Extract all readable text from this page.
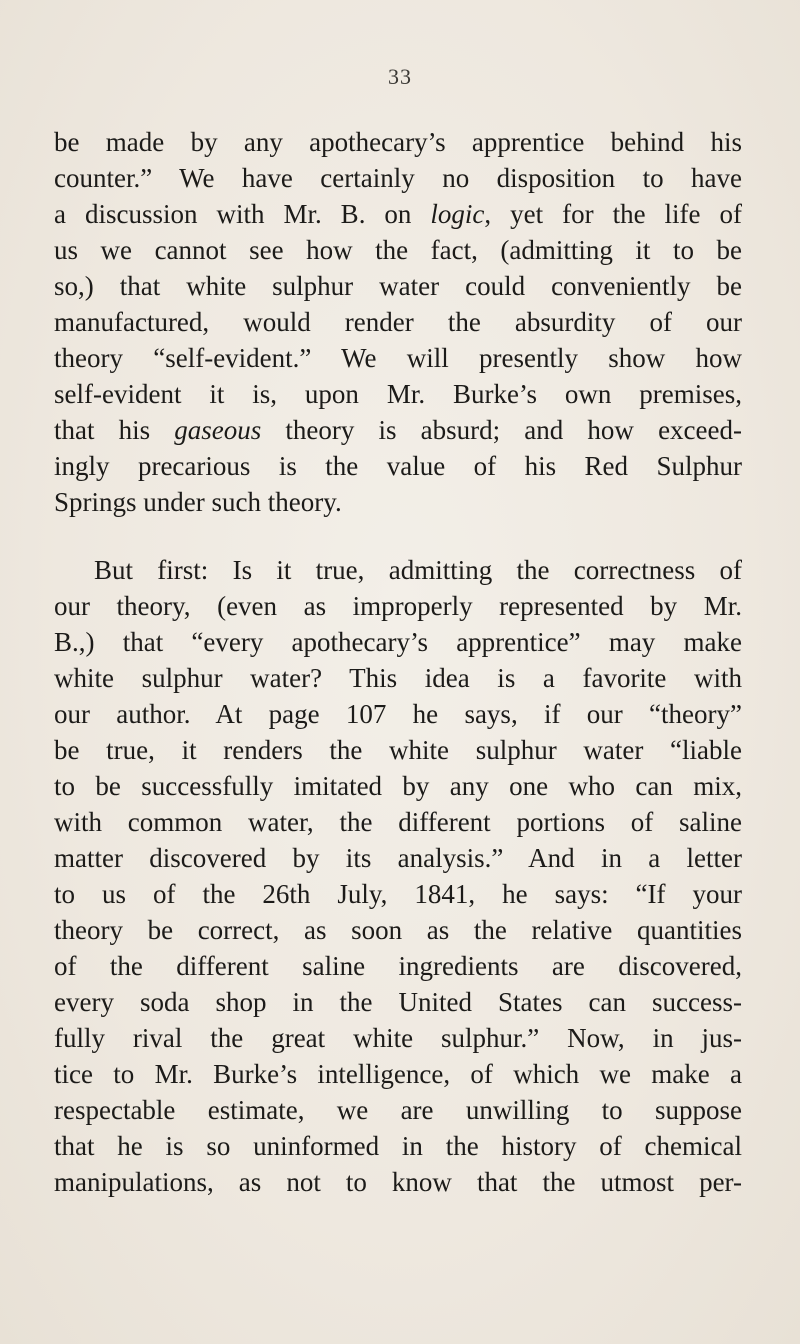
33
be made by any apothecary’s apprentice behind his
counter.” We have certainly no disposition to have
a discussion with Mr. B. on logic, yet for the life of
us we cannot see how the fact, (admitting it to be
so,) that white sulphur water could conveniently be
manufactured, would render the absurdity of our
theory “self-evident.” We will presently show how
self-evident it is, upon Mr. Burke’s own premises,
that his gaseous theory is absurd; and how exceed-
ingly precarious is the value of his Red Sulphur
Springs under such theory.
But first: Is it true, admitting the correctness of
our theory, (even as improperly represented by Mr.
B.,) that “every apothecary’s apprentice” may make
white sulphur water? This idea is a favorite with
our author. At page 107 he says, if our “theory”
be true, it renders the white sulphur water “liable
to be successfully imitated by any one who can mix,
with common water, the different portions of saline
matter discovered by its analysis.” And in a letter
to us of the 26th July, 1841, he says: “If your
theory be correct, as soon as the relative quantities
of the different saline ingredients are discovered,
every soda shop in the United States can success-
fully rival the great white sulphur.” Now, in jus-
tice to Mr. Burke’s intelligence, of which we make a
respectable estimate, we are unwilling to suppose
that he is so uninformed in the history of chemical
manipulations, as not to know that the utmost per-
